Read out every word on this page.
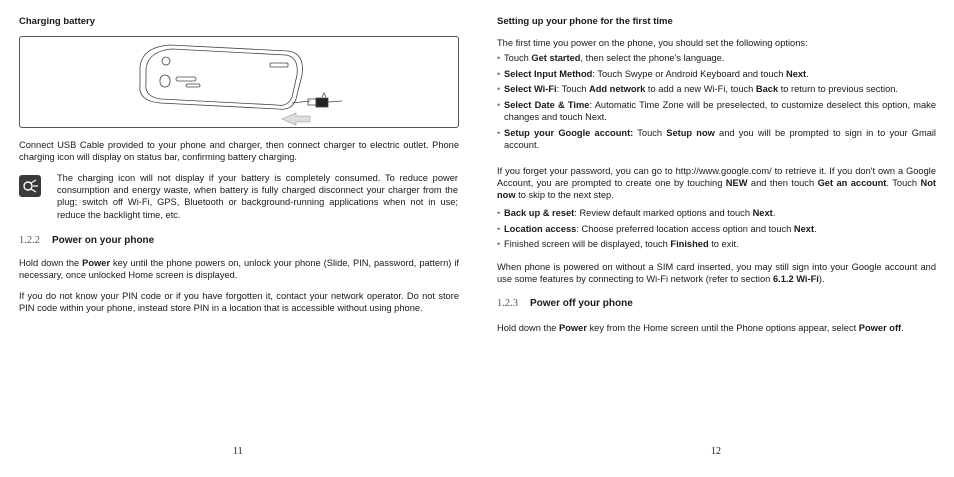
Charging battery
Connect USB Cable provided to your phone and charger, then connect charger to electric outlet. Phone charging icon will display on status bar, confirming battery charging.
The charging icon will not display if your battery is completely consumed. To reduce power consumption and energy waste, when battery is fully charged disconnect your charger from the plug; switch off Wi-Fi, GPS, Bluetooth or background-running applications when not in use; reduce the backlight time, etc.
1.2.2 Power on your phone
Hold down the Power key until the phone powers on, unlock your phone (Slide, PIN, password, pattern) if necessary, once unlocked Home screen is displayed.
If you do not know your PIN code or if you have forgotten it, contact your network operator. Do not store PIN code within your phone, instead store PIN in a location that is accessible without using phone.
11
Setting up your phone for the first time
The first time you power on the phone, you should set the following options:
• Touch Get started, then select the phone's language.
• Select Input Method: Touch Swype or Android Keyboard and touch Next.
• Select Wi-Fi: Touch Add network to add a new Wi-Fi, touch Back to return to previous section.
• Select Date & Time: Automatic Time Zone will be preselected, to customize deselect this option, make changes and touch Next.
• Setup your Google account: Touch Setup now and you will be prompted to sign in to your Gmail account.
If you forget your password, you can go to http://www.google.com/ to retrieve it. If you don't own a Google Account, you are prompted to create one by touching NEW and then touch Get an account. Touch Not now to skip to the next step.
• Back up & reset: Review default marked options and touch Next.
• Location access: Choose preferred location access option and touch Next.
• Finished screen will be displayed, touch Finished to exit.
When phone is powered on without a SIM card inserted, you may still sign into your Google account and use some features by connecting to Wi-Fi network (refer to section 6.1.2 Wi-Fi).
1.2.3 Power off your phone
Hold down the Power key from the Home screen until the Phone options appear, select Power off.
12
